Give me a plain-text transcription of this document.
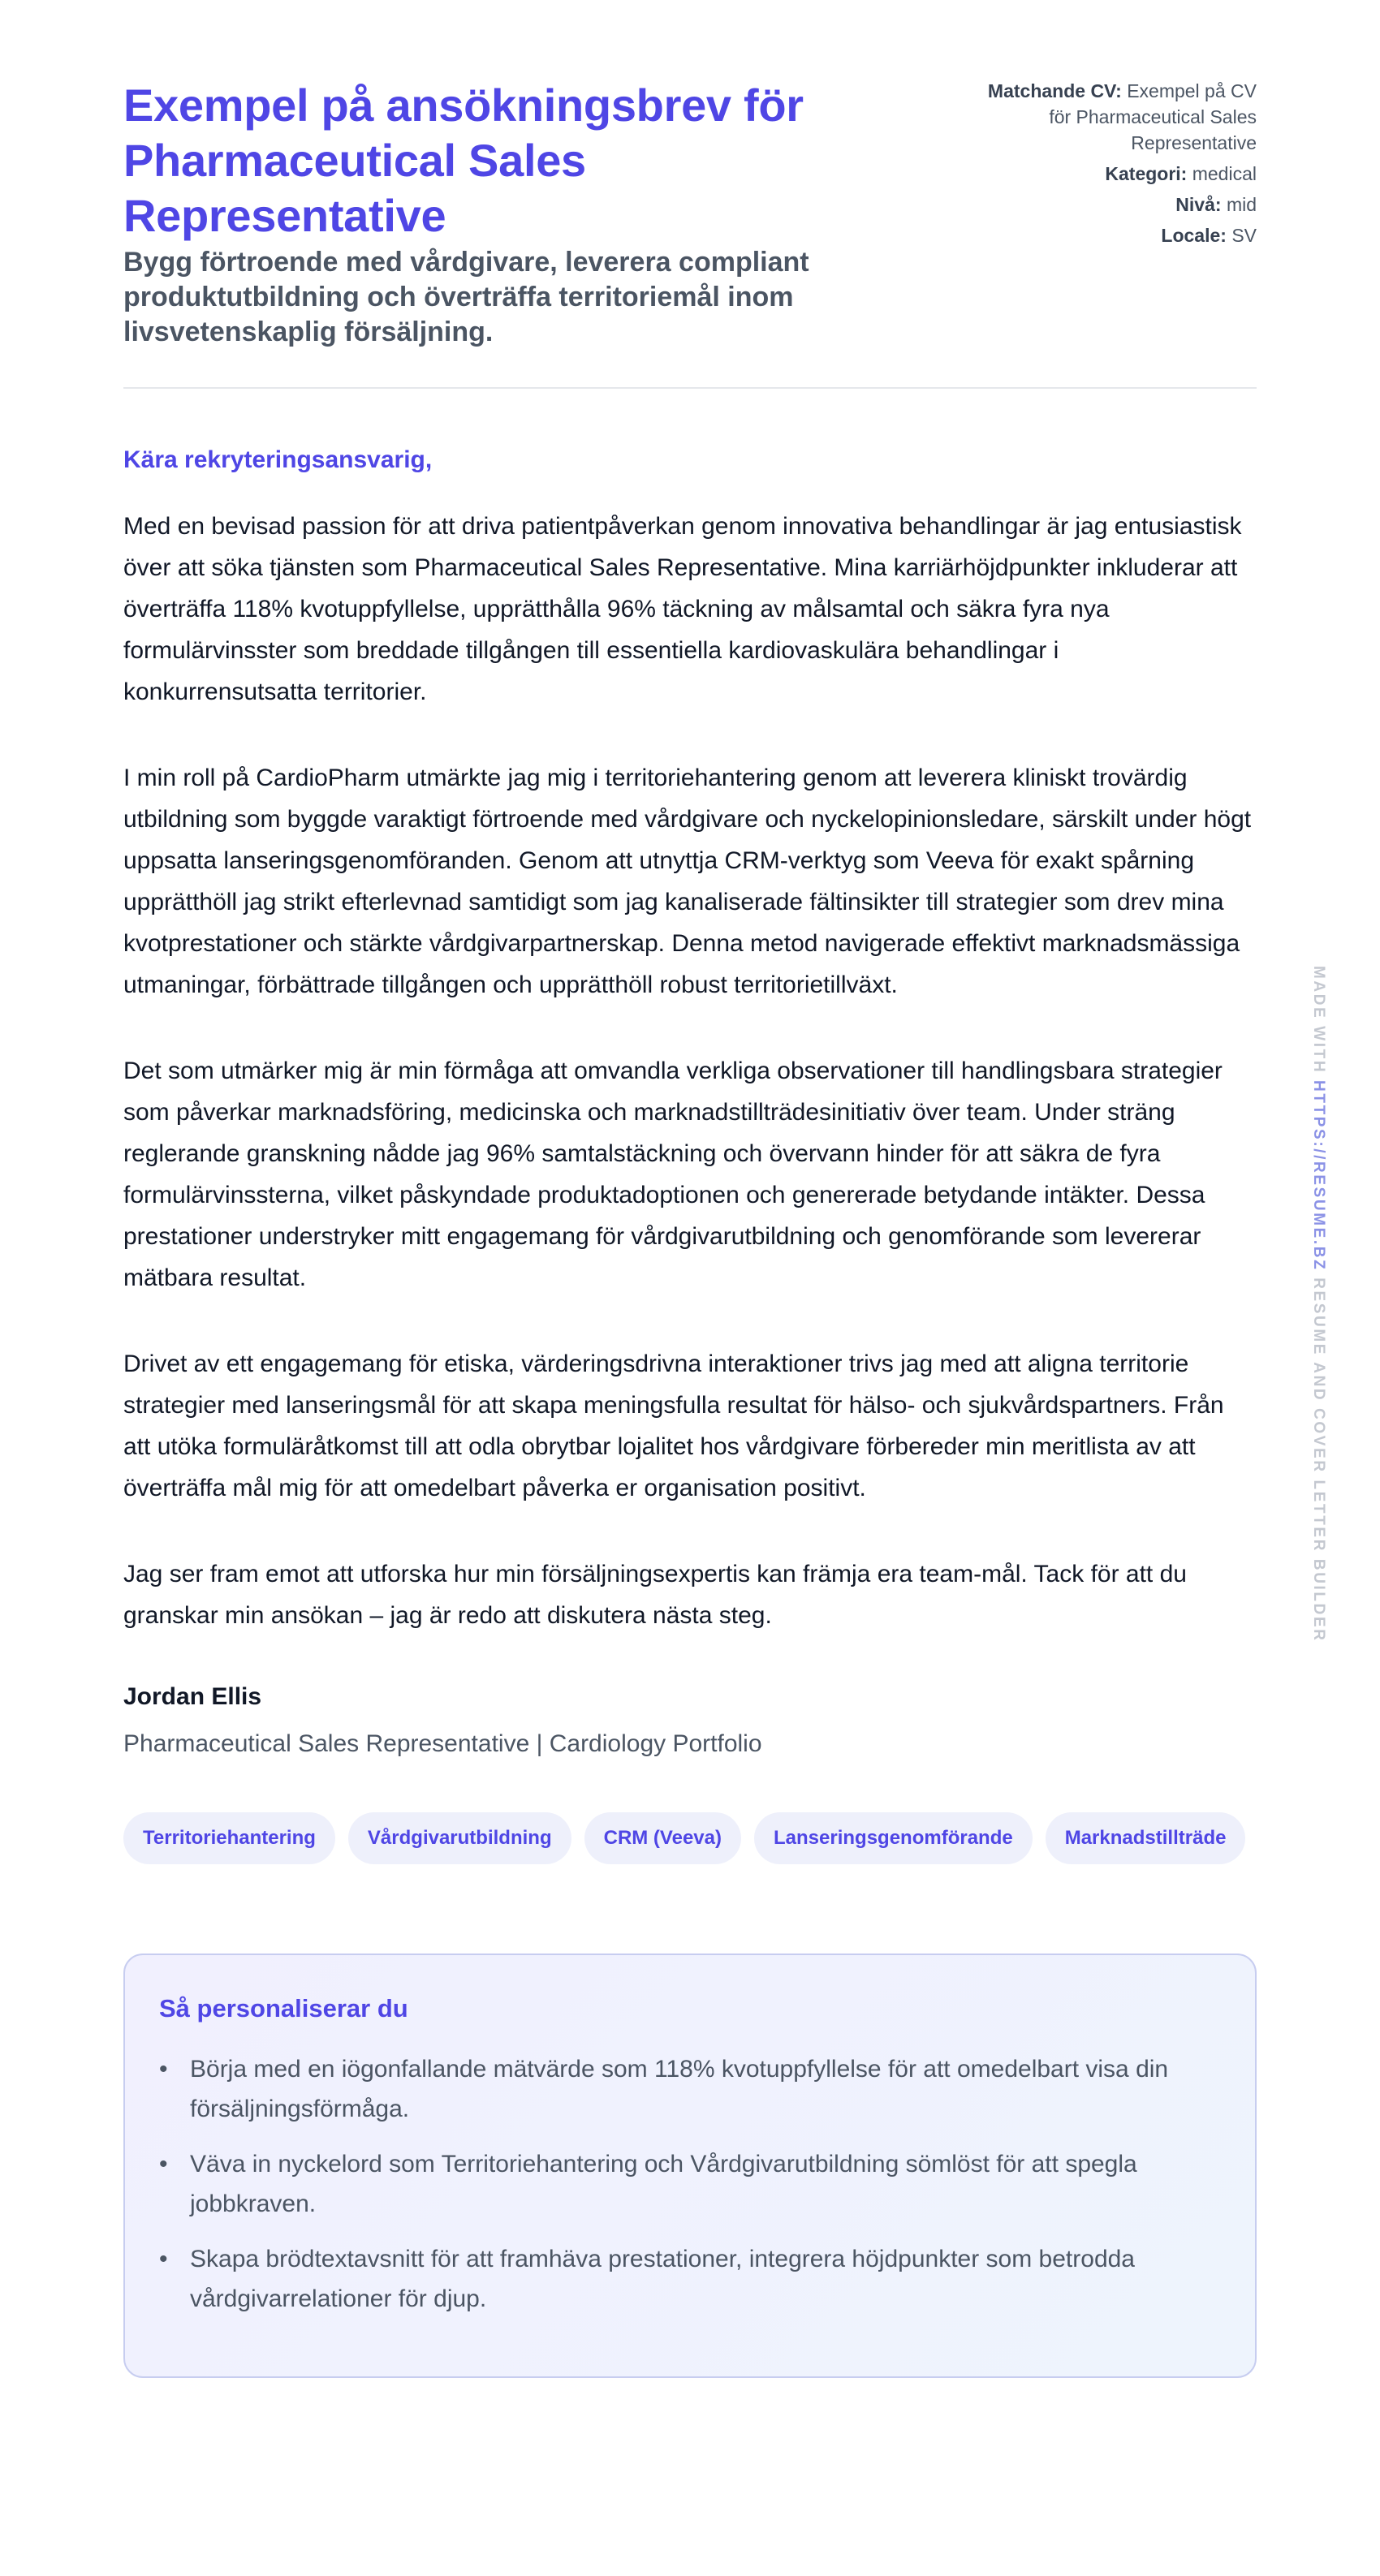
Exempel på ansökningsbrev för Pharmaceutical Sales Representative
Bygg förtroende med vårdgivare, leverera compliant produktutbildning och överträffa territoriemål inom livsvetenskaplig försäljning.
Matchande CV: Exempel på CV för Pharmaceutical Sales Representative
Kategori: medical
Nivå: mid
Locale: SV
Kära rekryteringsansvarig,

Med en bevisad passion för att driva patientpåverkan genom innovativa behandlingar är jag entusiastisk över att söka tjänsten som Pharmaceutical Sales Representative. Mina karriärhöjdpunkter inkluderar att överträffa 118% kvotuppfyllelse, upprätthålla 96% täckning av målsamtal och säkra fyra nya formulärvinsster som breddade tillgången till essentiella kardiovaskulära behandlingar i konkurrensutsatta territorier.

I min roll på CardioPharm utmärkte jag mig i territoriehantering genom att leverera kliniskt trovärdig utbildning som byggde varaktigt förtroende med vårdgivare och nyckelopinionsledare, särskilt under högt uppsatta lanseringsgenomföranden. Genom att utnyttja CRM-verktyg som Veeva för exakt spårning upprätthöll jag strikt efterlevnad samtidigt som jag kanaliserade fältinsikter till strategier som drev mina kvotprestationer och stärkte vårdgivarpartnerskap. Denna metod navigerade effektivt marknadsmässiga utmaningar, förbättrade tillgången och upprätthöll robust territorietillväxt.

Det som utmärker mig är min förmåga att omvandla verkliga observationer till handlingsbara strategier som påverkar marknadsföring, medicinska och marknadstillträdesinitiativ över team. Under sträng reglerande granskning nådde jag 96% samtalstäckning och övervann hinder för att säkra de fyra formulärvinssterna, vilket påskyndade produktadoptionen och genererade betydande intäkter. Dessa prestationer understryker mitt engagemang för vårdgivarutbildning och genomförande som levererar mätbara resultat.

Drivet av ett engagemang för etiska, värderingsdrivna interaktioner trivs jag med att aligna territorie strategier med lanseringsmål för att skapa meningsfulla resultat för hälso- och sjukvårdspartners. Från att utöka formuläråtkomst till att odla obrytbar lojalitet hos vårdgivare förbereder min meritlista av att överträffa mål mig för att omedelbart påverka er organisation positivt.

Jag ser fram emot att utforska hur min försäljningsexpertis kan främja era team-mål. Tack för att du granskar min ansökan – jag är redo att diskutera nästa steg.

Jordan Ellis
Pharmaceutical Sales Representative | Cardiology Portfolio
Territoriehantering	Vårdgivarutbildning	CRM (Veeva)	Lanseringsgenomförande	Marknadstillträde
Så personaliserar du
• Börja med en iögonfallande mätvärde som 118% kvotuppfyllelse för att omedelbart visa din försäljningsförmåga.
• Väva in nyckelord som Territoriehantering och Vårdgivarutbildning sömlöst för att spegla jobbkraven.
• Skapa brödtextavsnitt för att framhäva prestationer, integrera höjdpunkter som betrodda vårdgivarrelationer för djup.
MADE WITH HTTPS://RESUME.BZ RESUME AND COVER LETTER BUILDER
